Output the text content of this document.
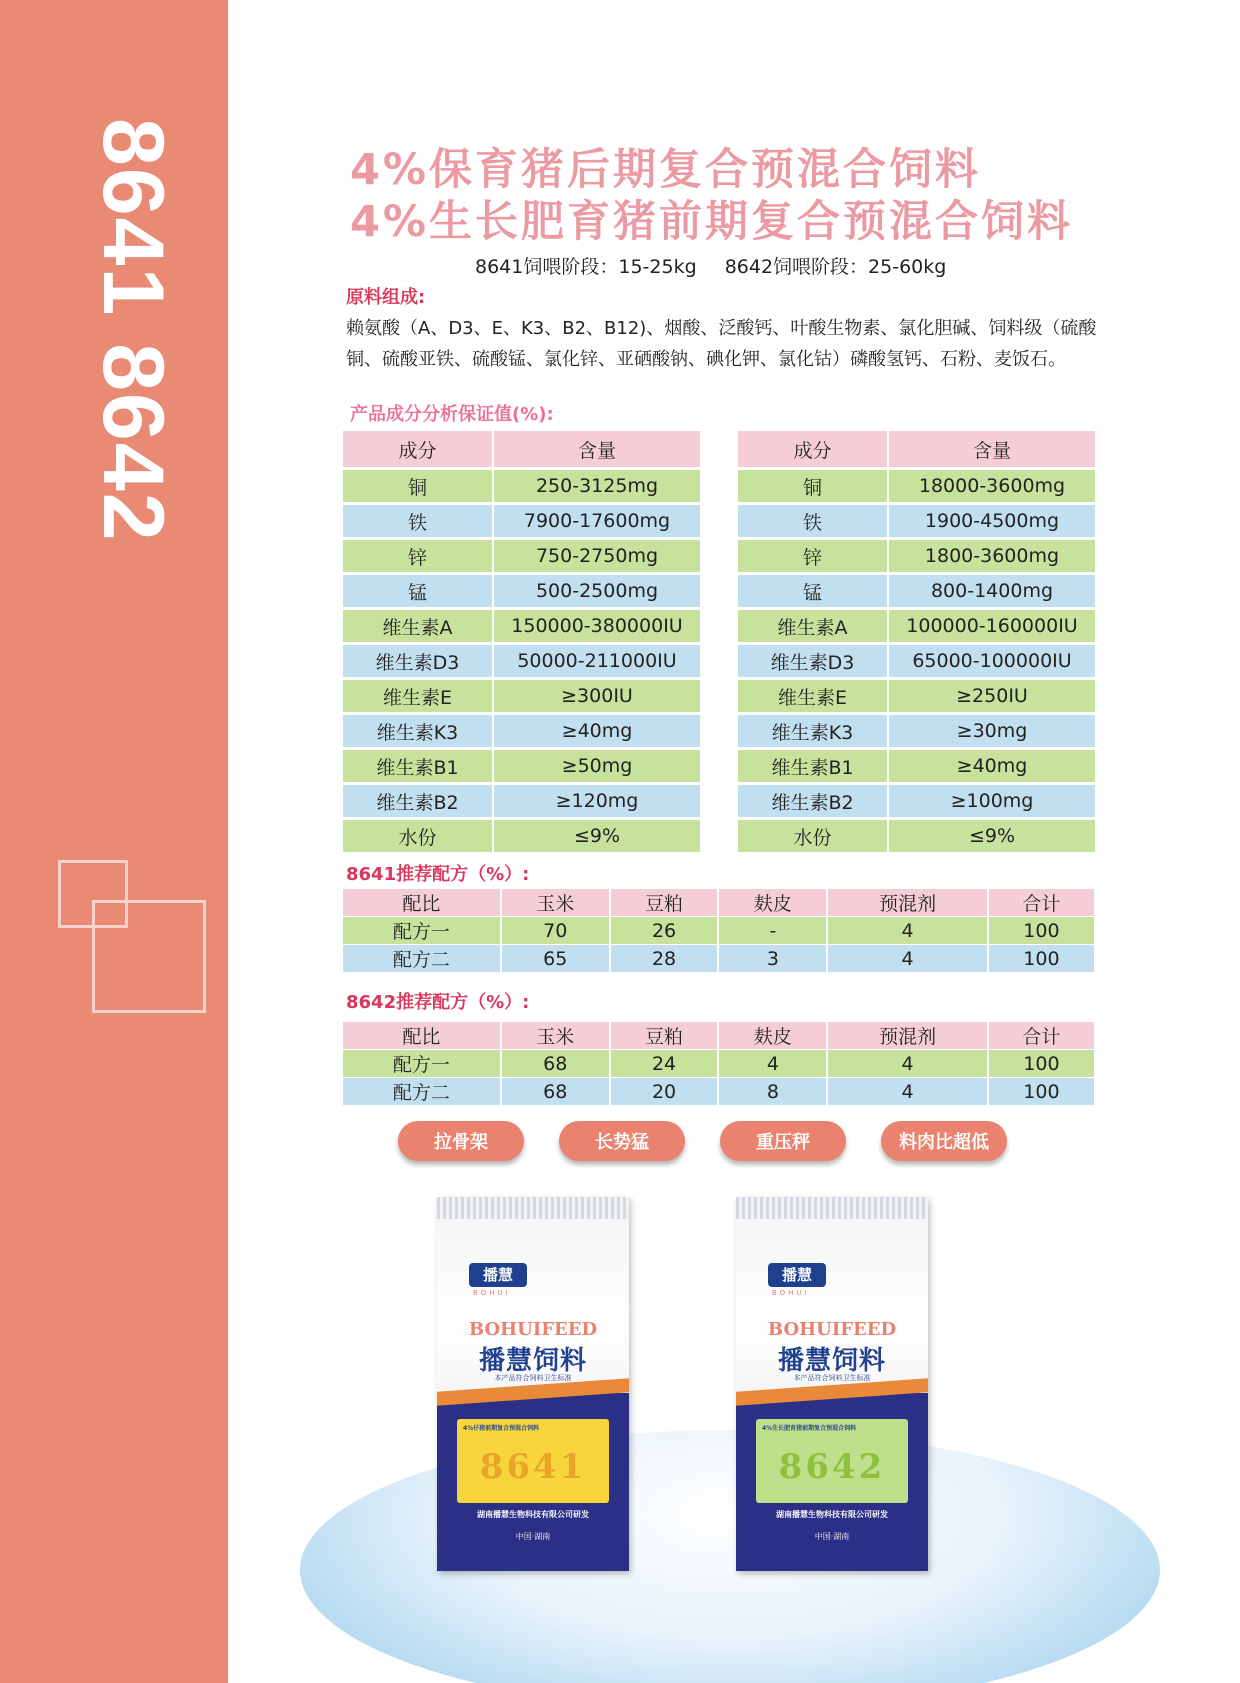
8641 8642	4%保育猪后期复合预混合饲料
4%生长肥育猪前期复合预混合饲料
8641饲喂阶段：15-25kg 8642饲喂阶段：25-60kg
原料组成:
赖氨酸（A、D3、E、K3、B2、B12)、烟酸、泛酸钙、叶酸生物素、氯化胆碱、饲料级（硫酸铜、硫酸亚铁、硫酸锰、氯化锌、亚硒酸钠、碘化钾、氯化钴）磷酸氢钙、石粉、麦饭石。
产品成分分析保证值(%):
成分	含量
铜	250-3125mg
铁	7900-17600mg
锌	750-2750mg
锰	500-2500mg
维生素A	150000-380000IU
维生素D3	50000-211000IU
维生素E	≥300IU
维生素K3	≥40mg
维生素B1	≥50mg
维生素B2	≥120mg
水份	≤9%
成分	含量
铜	18000-3600mg
铁	1900-4500mg
锌	1800-3600mg
锰	800-1400mg
维生素A	100000-160000IU
维生素D3	65000-100000IU
维生素E	≥250IU
维生素K3	≥30mg
维生素B1	≥40mg
维生素B2	≥100mg
水份	≤9%
8641推荐配方（%）:
配比	玉米	豆粕	麸皮	预混剂	合计
配方一	70	26	-	4	100
配方二	65	28	3	4	100
8642推荐配方（%）:
配比	玉米	豆粕	麸皮	预混剂	合计
配方一	68	24	4	4	100
配方二	68	20	8	4	100
拉骨架	长势猛	重压秤	料肉比超低
播慧
BOHUI
BOHUIFEED
播慧饲料
本产品符合饲料卫生标准
4%仔猪前期复合预混合饲料
8641
湖南播慧生物科技有限公司研发
中国·湖南
播慧
BOHUI
BOHUIFEED
播慧饲料
本产品符合饲料卫生标准
4%生长肥育猪前期复合预混合饲料
8642
湖南播慧生物科技有限公司研发
中国·湖南
